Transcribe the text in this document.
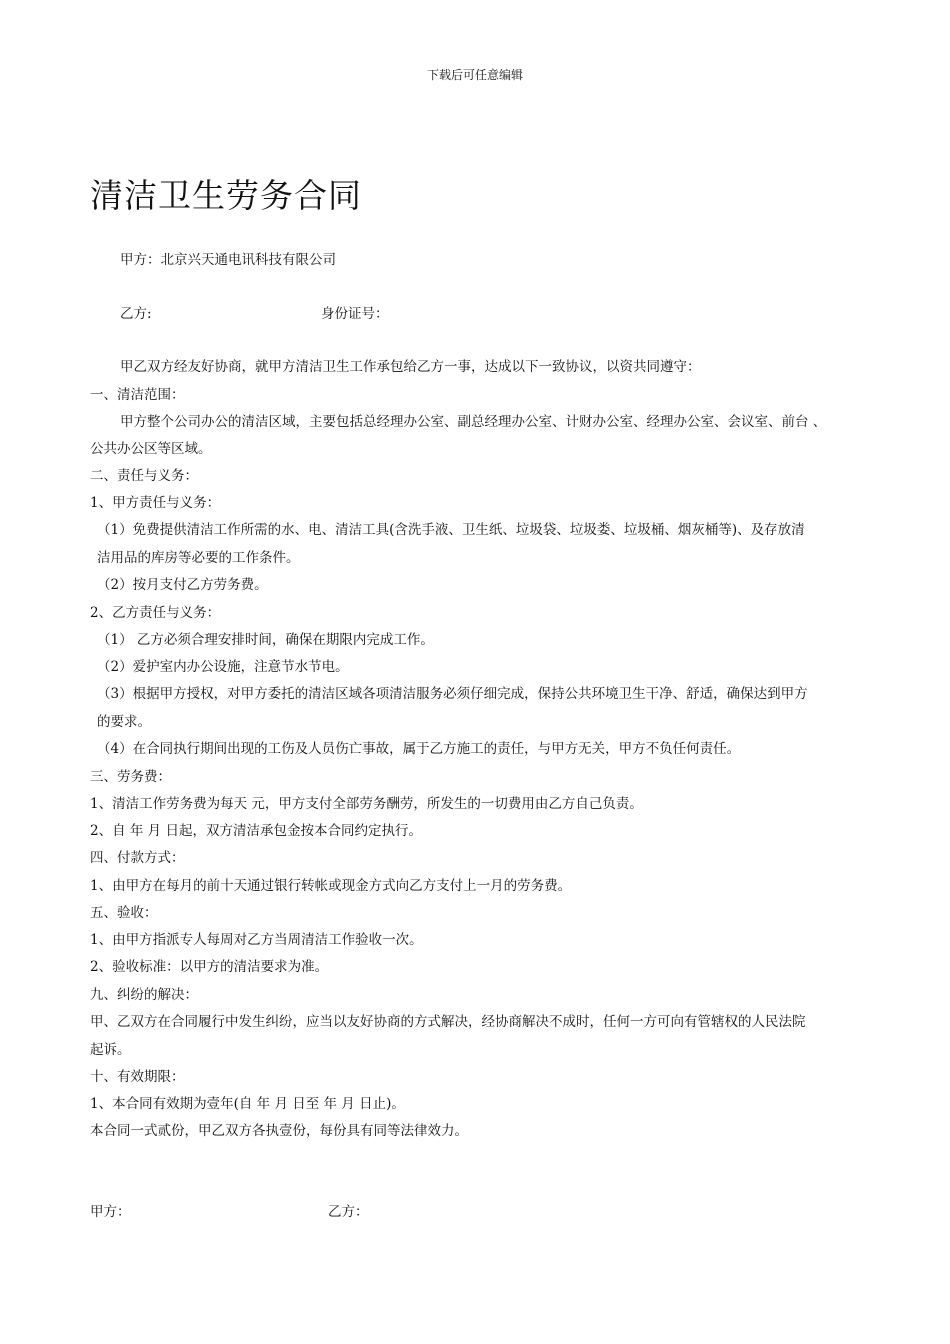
下载后可任意编辑
清洁卫生劳务合同
甲方：北京兴天通电讯科技有限公司
乙方:	身份证号：
甲乙双方经友好协商，就甲方清洁卫生工作承包给乙方一事，达成以下一致协议，以资共同遵守：
一、清洁范围：
甲方整个公司办公的清洁区域，主要包括总经理办公室、副总经理办公室、计财办公室、经理办公室、会议室、前台 、
公共办公区等区域。
二、责任与义务：
1、甲方责任与义务：
（1）免费提供清洁工作所需的水、电、清洁工具(含洗手液、卫生纸、垃圾袋、垃圾娄、垃圾桶、烟灰桶等)、及存放清
洁用品的库房等必要的工作条件。
（2）按月支付乙方劳务费。
2、乙方责任与义务：
（1） 乙方必须合理安排时间，确保在期限内完成工作。
（2）爱护室内办公设施，注意节水节电。
（3）根据甲方授权，对甲方委托的清洁区域各项清洁服务必须仔细完成，保持公共环境卫生干净、舒适，确保达到甲方
的要求。
（4）在合同执行期间出现的工伤及人员伤亡事故，属于乙方施工的责任，与甲方无关，甲方不负任何责任。
三、劳务费：
1、清洁工作劳务费为每天 元，甲方支付全部劳务酬劳，所发生的一切费用由乙方自己负责。
2、自 年 月 日起，双方清洁承包金按本合同约定执行。
四、付款方式：
1、由甲方在每月的前十天通过银行转帐或现金方式向乙方支付上一月的劳务费。
五、验收：
1、由甲方指派专人每周对乙方当周清洁工作验收一次。
2、验收标准：以甲方的清洁要求为准。
九、纠纷的解决：
甲、乙双方在合同履行中发生纠纷，应当以友好协商的方式解决，经协商解决不成时，任何一方可向有管辖权的人民法院
起诉。
十、有效期限：
1、本合同有效期为壹年(自 年 月 日至 年 月 日止)。
本合同一式贰份，甲乙双方各执壹份，每份具有同等法律效力。
甲方：	乙方：
